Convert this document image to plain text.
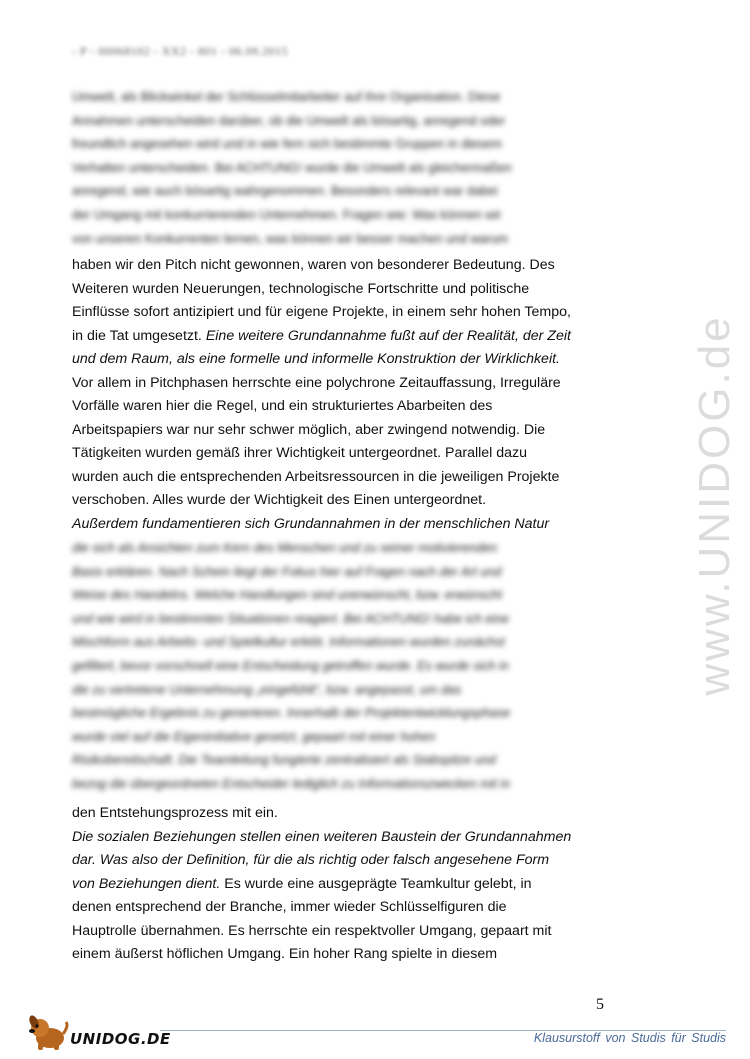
- P - 00068102 - XX2 - 801 - 06.09.2015
www.UNIDOG.de
Umwelt, als Blickwinkel der Schlüsselmitarbeiter auf ihre Organisation. Diese
Annahmen unterscheiden darüber, ob die Umwelt als bösartig, anregend oder
freundlich angesehen wird und in wie fern sich bestimmte Gruppen in diesem
Verhalten unterscheiden. Bei ACHTUNG! wurde die Umwelt als gleichermaßen
anregend, wie auch bösartig wahrgenommen. Besonders relevant war dabei
der Umgang mit konkurrierenden Unternehmen. Fragen wie: Was können wir
von unseren Konkurrenten lernen, was können wir besser machen und warum
haben wir den Pitch nicht gewonnen, waren von besonderer Bedeutung. Des
Weiteren wurden Neuerungen, technologische Fortschritte und politische
Einflüsse sofort antizipiert und für eigene Projekte, in einem sehr hohen Tempo,
in die Tat umgesetzt. Eine weitere Grundannahme fußt auf der Realität, der Zeit
und dem Raum, als eine formelle und informelle Konstruktion der Wirklichkeit.
Vor allem in Pitchphasen herrschte eine polychrone Zeitauffassung, Irreguläre
Vorfälle waren hier die Regel, und ein strukturiertes Abarbeiten des
Arbeitspapiers war nur sehr schwer möglich, aber zwingend notwendig. Die
Tätigkeiten wurden gemäß ihrer Wichtigkeit untergeordnet. Parallel dazu
wurden auch die entsprechenden Arbeitsressourcen in die jeweiligen Projekte
verschoben. Alles wurde der Wichtigkeit des Einen untergeordnet.
Außerdem fundamentieren sich Grundannahmen in der menschlichen Natur
die sich als Ansichten zum Kern des Menschen und zu seiner motivierenden
Basis erklären. Nach Schein liegt der Fokus hier auf Fragen nach der Art und
Weise des Handelns. Welche Handlungen sind unerwünscht, bzw. erwünscht
und wie wird in bestimmten Situationen reagiert. Bei ACHTUNG! habe ich eine
Mischform aus Arbeits- und Spielkultur erlebt. Informationen wurden zunächst
gefiltert, bevor vorschnell eine Entscheidung getroffen wurde. Es wurde sich in
die zu vertretene Unternehmung „eingefühlt“, bzw. angepasst, um das
bestmögliche Ergebnis zu generieren. Innerhalb der Projektentwicklungsphase
wurde viel auf die Eigeninitiative gesetzt, gepaart mit einer hohen
Risikobereitschaft. Die Teamleitung fungierte zentralisiert als Stabspitze und
bezog die übergeordneten Entscheider lediglich zu Informationszwecken mit in
den Entstehungsprozess mit ein.
Die sozialen Beziehungen stellen einen weiteren Baustein der Grundannahmen
dar. Was also der Definition, für die als richtig oder falsch angesehene Form
von Beziehungen dient. Es wurde eine ausgeprägte Teamkultur gelebt, in
denen entsprechend der Branche, immer wieder Schlüsselfiguren die
Hauptrolle übernahmen. Es herrschte ein respektvoller Umgang, gepaart mit
einem äußerst höflichen Umgang. Ein hoher Rang spielte in diesem
5
UNIDOG.DE	Klausurstoff von Studis für Studis
